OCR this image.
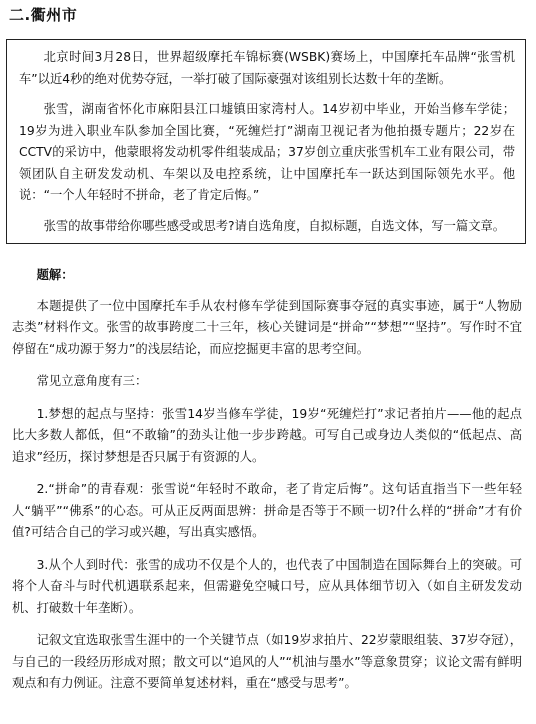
二.衢州市

北京时间3月28日，世界超级摩托车锦标赛(WSBK)赛场上，中国摩托车品牌“张雪机车”以近4秒的绝对优势夺冠，一举打破了国际豪强对该组别长达数十年的垄断。

张雪，湖南省怀化市麻阳县江口墟镇田家湾村人。14岁初中毕业，开始当修车学徒；19岁为进入职业车队参加全国比赛，“死缠烂打”湖南卫视记者为他拍摄专题片；22岁在CCTV的采访中，他蒙眼将发动机零件组装成品；37岁创立重庆张雪机车工业有限公司，带领团队自主研发发动机、车架以及电控系统，让中国摩托车一跃达到国际领先水平。他说：“一个人年轻时不拼命，老了肯定后悔。”

张雪的故事带给你哪些感受或思考?请自选角度，自拟标题，自选文体，写一篇文章。

题解：

本题提供了一位中国摩托车手从农村修车学徒到国际赛事夺冠的真实事迹，属于“人物励志类”材料作文。张雪的故事跨度二十三年，核心关键词是“拼命”“梦想”“坚持”。写作时不宜停留在“成功源于努力”的浅层结论，而应挖掘更丰富的思考空间。

常见立意角度有三：

1.梦想的起点与坚持：张雪14岁当修车学徒，19岁“死缠烂打”求记者拍片——他的起点比大多数人都低，但“不敢输”的劲头让他一步步跨越。可写自己或身边人类似的“低起点、高追求”经历，探讨梦想是否只属于有资源的人。

2.“拼命”的青春观：张雪说“年轻时不敢命，老了肯定后悔”。这句话直指当下一些年轻人“躺平”“佛系”的心态。可从正反两面思辨：拼命是否等于不顾一切?什么样的“拼命”才有价值?可结合自己的学习或兴趣，写出真实感悟。

3.从个人到时代：张雪的成功不仅是个人的，也代表了中国制造在国际舞台上的突破。可将个人奋斗与时代机遇联系起来，但需避免空喊口号，应从具体细节切入（如自主研发发动机、打破数十年垄断）。

记叙文宜选取张雪生涯中的一个关键节点（如19岁求拍片、22岁蒙眼组装、37岁夺冠），与自己的一段经历形成对照；散文可以“追风的人”“机油与墨水”等意象贯穿；议论文需有鲜明观点和有力例证。注意不要简单复述材料，重在“感受与思考”。
